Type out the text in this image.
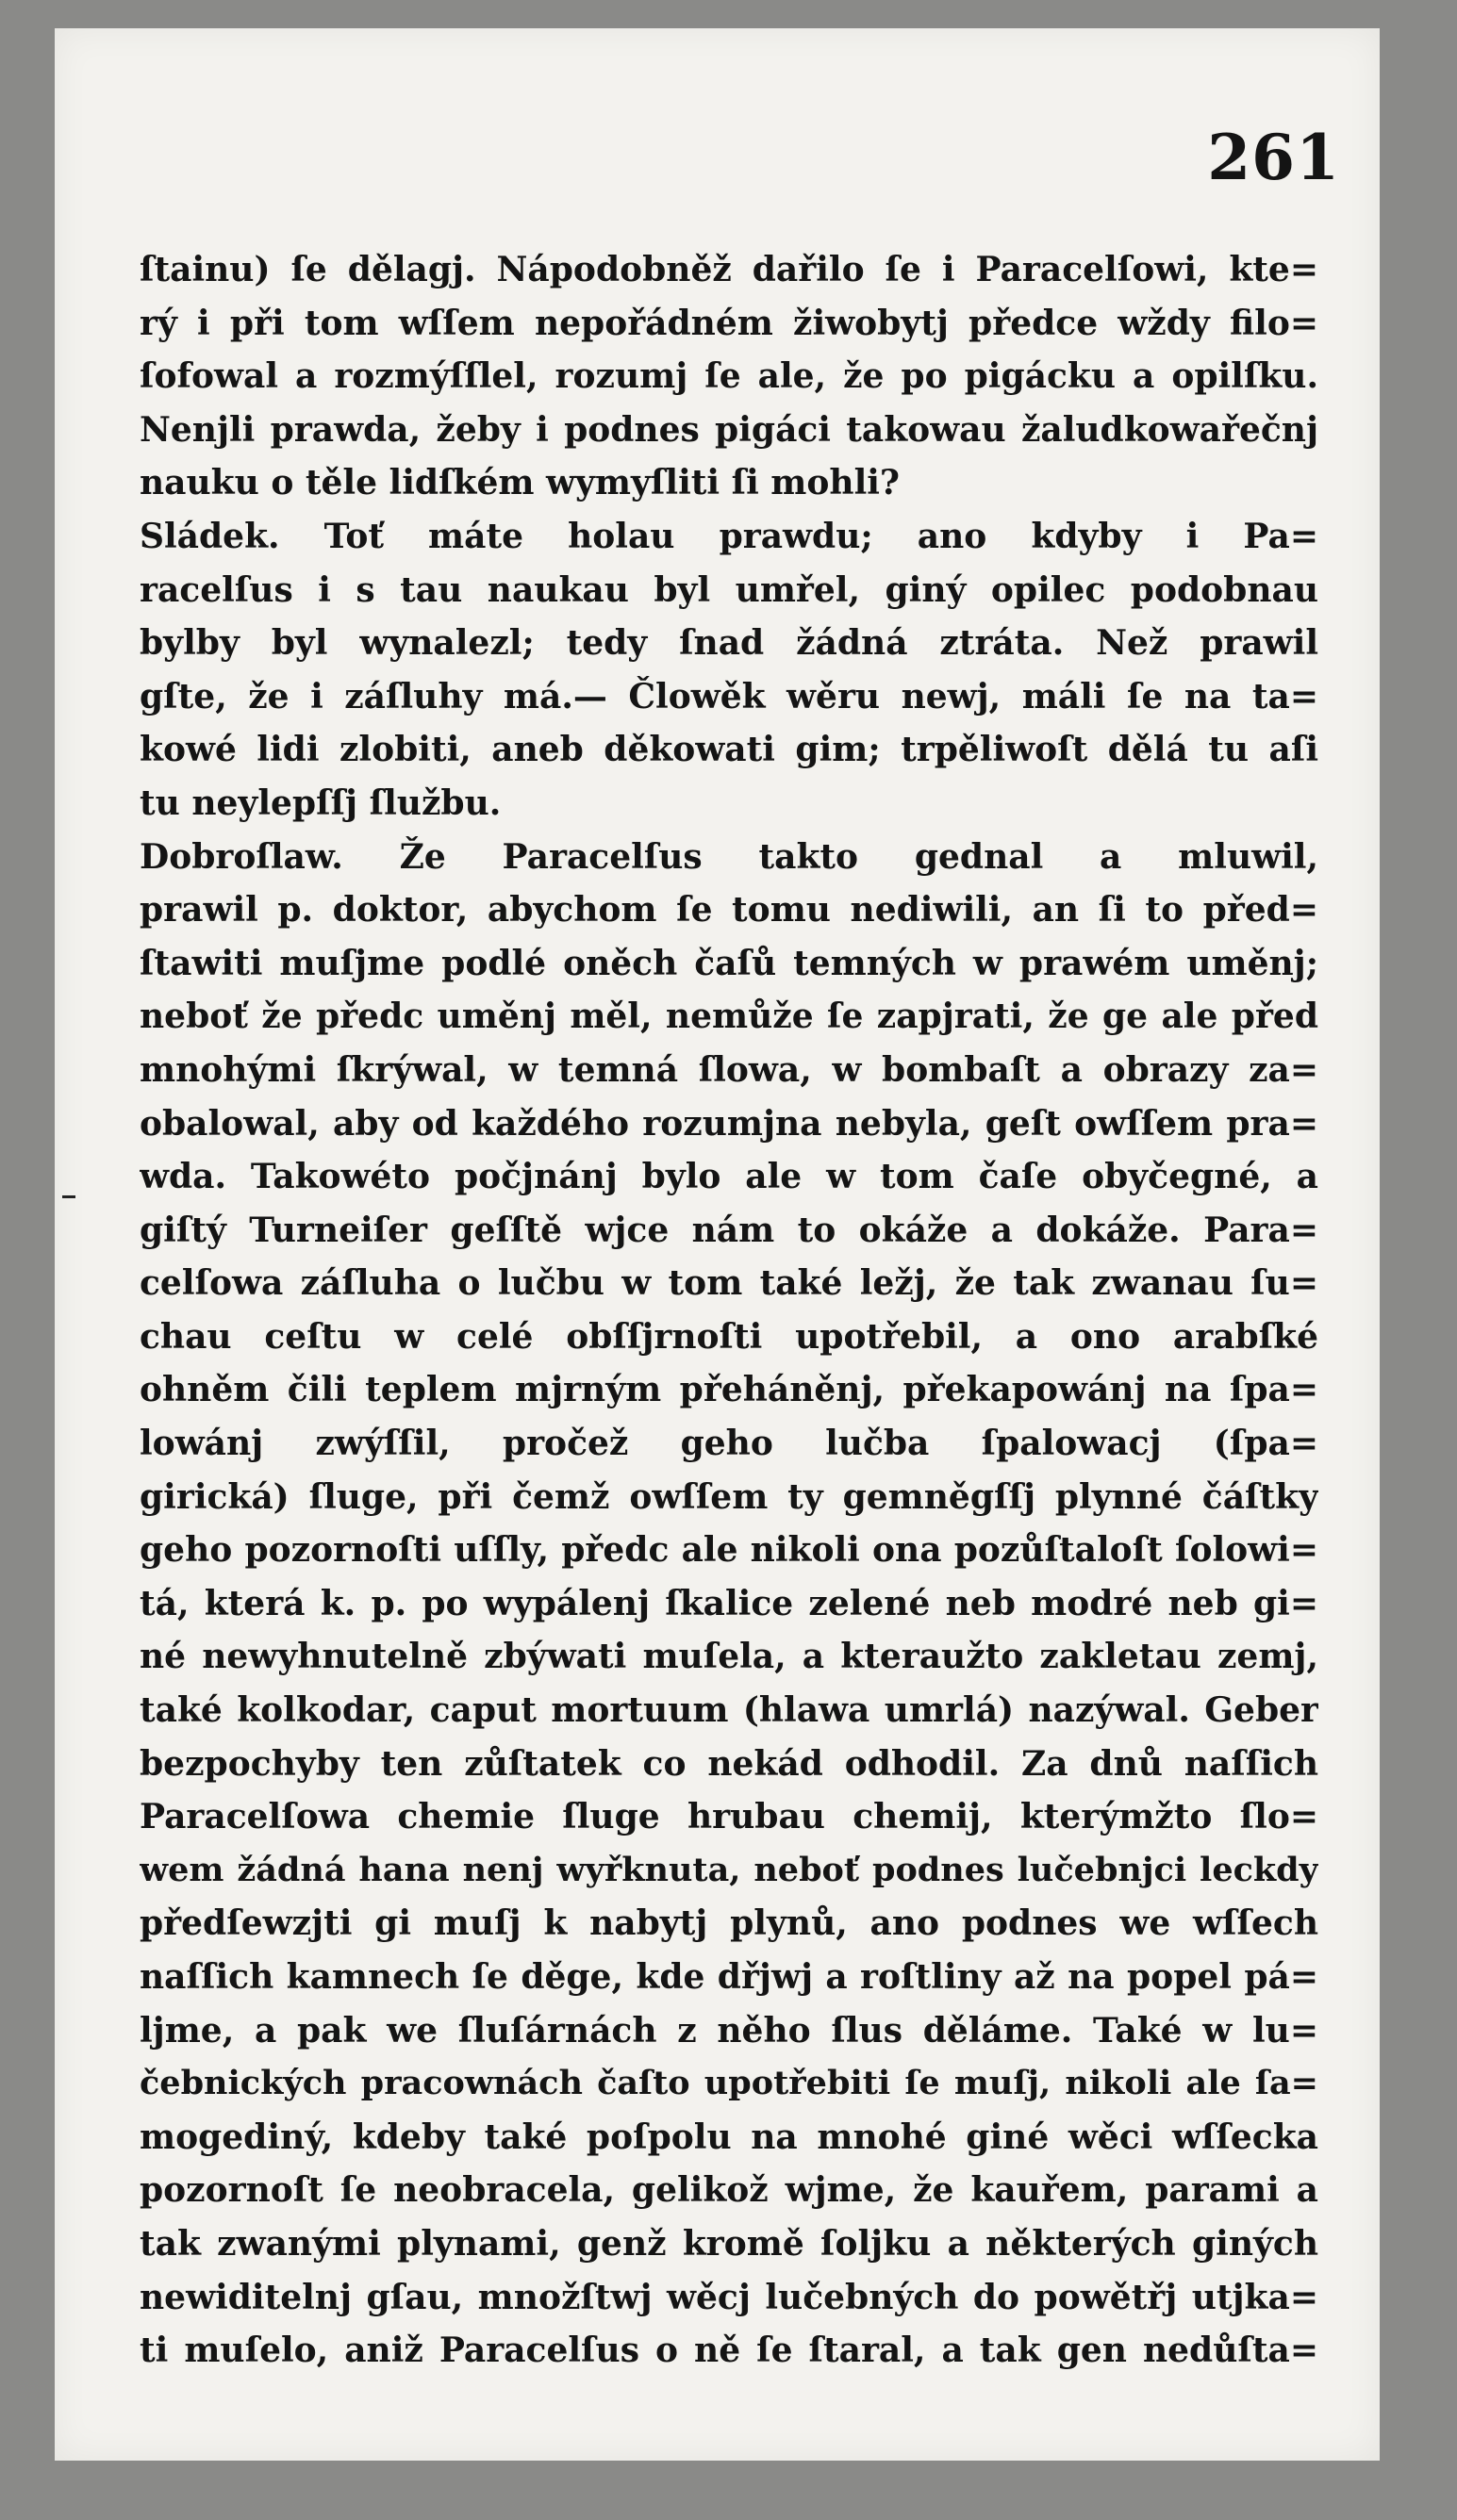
261
ſtainu) ſe dělagj. Nápodobněž dařilo ſe i Paracelſowi, kte=
rý i při tom wſſem nepořádném žiwobytj předce wždy filo=
ſofowal a rozmýſſlel, rozumj ſe ale, že po pigácku a opilſku.
Nenjli prawda, žeby i podnes pigáci takowau žaludkowařečnj
nauku o těle lidſkém wymyſliti ſi mohli?
Sládek. Toť máte holau prawdu; ano kdyby i Pa=
racelſus i s tau naukau byl umřel, giný opilec podobnau
bylby byl wynalezl; tedy ſnad žádná ztráta. Než prawil
gſte, že i záſluhy má.— Člowěk wěru newj, máli ſe na ta=
kowé lidi zlobiti, aneb děkowati gim; trpěliwoſt dělá tu aſi
tu neylepſſj ſlužbu.
Dobroſlaw. Že Paracelſus takto gednal a mluwil,
prawil p. doktor, abychom ſe tomu nediwili, an ſi to před=
ſtawiti muſjme podlé oněch čaſů temných w prawém uměnj;
neboť že předc uměnj měl, nemůže ſe zapjrati, že ge ale před
mnohými ſkrýwal, w temná ſlowa, w bombaſt a obrazy za=
obalowal, aby od každého rozumjna nebyla, geſt owſſem pra=
wda. Takowéto počjnánj bylo ale w tom čaſe obyčegné, a
giſtý Turneiſer geſſtě wjce nám to okáže a dokáže. Para=
celſowa záſluha o lučbu w tom také ležj, že tak zwanau ſu=
chau ceſtu w celé obſſjrnoſti upotřebil, a ono arabſké
ohněm čili teplem mjrným přeháněnj, překapowánj na ſpa=
lowánj zwýſſil, pročež geho lučba ſpalowacj (ſpa=
girická) ſluge, při čemž owſſem ty gemněgſſj plynné čáſtky
geho pozornoſti uſſly, předc ale nikoli ona pozůſtaloſt ſolowi=
tá, která k. p. po wypálenj ſkalice zelené neb modré neb gi=
né newyhnutelně zbýwati muſela, a kteraužto zakletau zemj,
také kolkodar, caput mortuum (hlawa umrlá) nazýwal. Geber
bezpochyby ten zůſtatek co nekád odhodil. Za dnů naſſich
Paracelſowa chemie ſluge hrubau chemij, kterýmžto ſlo=
wem žádná hana nenj wyřknuta, neboť podnes lučebnjci leckdy
předſewzjti gi muſj k nabytj plynů, ano podnes we wſſech
naſſich kamnech ſe děge, kde dřjwj a roſtliny až na popel pá=
ljme, a pak we ſluſárnách z něho ſlus děláme. Také w lu=
čebnických pracownách čaſto upotřebiti ſe muſj, nikoli ale ſa=
mogediný, kdeby také poſpolu na mnohé giné wěci wſſecka
pozornoſt ſe neobracela, gelikož wjme, že kauřem, parami a
tak zwanými plynami, genž kromě ſoljku a některých giných
newiditelnj gſau, množſtwj wěcj lučebných do powětřj utjka=
ti muſelo, aniž Paracelſus o ně ſe ſtaral, a tak gen nedůſta=
